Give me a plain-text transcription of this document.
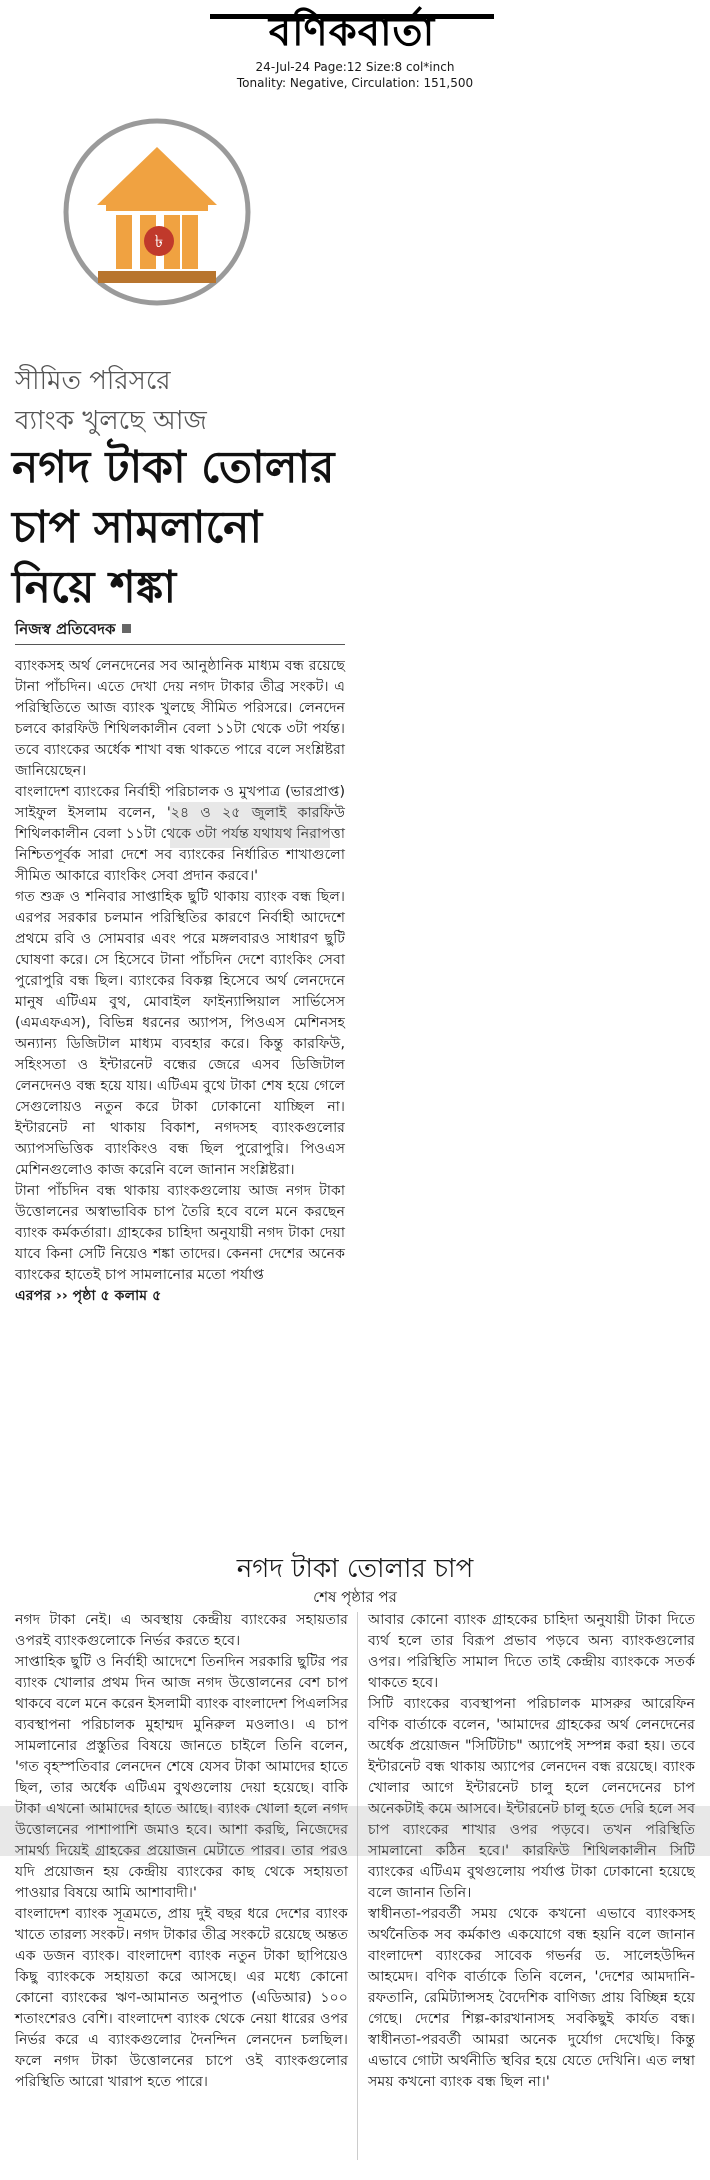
বণিকবার্তা
24-Jul-24 Page:12 Size:8 col*inch
Tonality: Negative, Circulation: 151,500
৳
সীমিত পরিসরে
ব্যাংক খুলছে আজ
নগদ টাকা তোলার
চাপ সামলানো
নিয়ে শঙ্কা
নিজস্ব প্রতিবেদক

ব্যাংকসহ অর্থ লেনদেনের সব আনুষ্ঠানিক মাধ্যম বন্ধ রয়েছে টানা পাঁচদিন। এতে দেখা দেয় নগদ টাকার তীব্র সংকট। এ পরিস্থিতিতে আজ ব্যাংক খুলছে সীমিত পরিসরে। লেনদেন চলবে কারফিউ শিথিলকালীন বেলা ১১টা থেকে ৩টা পর্যন্ত। তবে ব্যাংকের অর্ধেক শাখা বন্ধ থাকতে পারে বলে সংশ্লিষ্টরা জানিয়েছেন।

বাংলাদেশ ব্যাংকের নির্বাহী পরিচালক ও মুখপাত্র (ভারপ্রাপ্ত) সাইফুল ইসলাম বলেন, '২৪ ও ২৫ জুলাই কারফিউ শিথিলকালীন বেলা ১১টা থেকে ৩টা পর্যন্ত যথাযথ নিরাপত্তা নিশ্চিতপূর্বক সারা দেশে সব ব্যাংকের নির্ধারিত শাখাগুলো সীমিত আকারে ব্যাংকিং সেবা প্রদান করবে।'

গত শুক্র ও শনিবার সাপ্তাহিক ছুটি থাকায় ব্যাংক বন্ধ ছিল। এরপর সরকার চলমান পরিস্থিতির কারণে নির্বাহী আদেশে প্রথমে রবি ও সোমবার এবং পরে মঙ্গলবারও সাধারণ ছুটি ঘোষণা করে। সে হিসেবে টানা পাঁচদিন দেশে ব্যাংকিং সেবা পুরোপুরি বন্ধ ছিল। ব্যাংকের বিকল্প হিসেবে অর্থ লেনদেনে মানুষ এটিএম বুথ, মোবাইল ফাইন্যান্সিয়াল সার্ভিসেস (এমএফএস), বিভিন্ন ধরনের অ্যাপস, পিওএস মেশিনসহ অন্যান্য ডিজিটাল মাধ্যম ব্যবহার করে। কিন্তু কারফিউ, সহিংসতা ও ইন্টারনেট বন্ধের জেরে এসব ডিজিটাল লেনদেনও বন্ধ হয়ে যায়। এটিএম বুথে টাকা শেষ হয়ে গেলে সেগুলোয়ও নতুন করে টাকা ঢোকানো যাচ্ছিল না। ইন্টারনেট না থাকায় বিকাশ, নগদসহ ব্যাংকগুলোর অ্যাপসভিত্তিক ব্যাংকিংও বন্ধ ছিল পুরোপুরি। পিওএস মেশিনগুলোও কাজ করেনি বলে জানান সংশ্লিষ্টরা।

টানা পাঁচদিন বন্ধ থাকায় ব্যাংকগুলোয় আজ নগদ টাকা উত্তোলনের অস্বাভাবিক চাপ তৈরি হবে বলে মনে করছেন ব্যাংক কর্মকর্তারা। গ্রাহকের চাহিদা অনুযায়ী নগদ টাকা দেয়া যাবে কিনা সেটি নিয়েও শঙ্কা তাদের। কেননা দেশের অনেক ব্যাংকের হাতেই চাপ সামলানোর মতো পর্যাপ্ত

এরপর ›› পৃষ্ঠা ৫ কলাম ৫

নগদ টাকা তোলার চাপ
শেষ পৃষ্ঠার পর

নগদ টাকা নেই। এ অবস্থায় কেন্দ্রীয় ব্যাংকের সহায়তার ওপরই ব্যাংকগুলোকে নির্ভর করতে হবে।

সাপ্তাহিক ছুটি ও নির্বাহী আদেশে তিনদিন সরকারি ছুটির পর ব্যাংক খোলার প্রথম দিন আজ নগদ উত্তোলনের বেশ চাপ থাকবে বলে মনে করেন ইসলামী ব্যাংক বাংলাদেশ পিএলসির ব্যবস্থাপনা পরিচালক মুহাম্মদ মুনিরুল মওলাও। এ চাপ সামলানোর প্রস্তুতির বিষয়ে জানতে চাইলে তিনি বলেন, 'গত বৃহস্পতিবার লেনদেন শেষে যেসব টাকা আমাদের হাতে ছিল, তার অর্ধেক এটিএম বুথগুলোয় দেয়া হয়েছে। বাকি টাকা এখনো আমাদের হাতে আছে। ব্যাংক খোলা হলে নগদ উত্তোলনের পাশাপাশি জমাও হবে। আশা করছি, নিজেদের সামর্থ্য দিয়েই গ্রাহকের প্রয়োজন মেটাতে পারব। তার পরও যদি প্রয়োজন হয় কেন্দ্রীয় ব্যাংকের কাছ থেকে সহায়তা পাওয়ার বিষয়ে আমি আশাবাদী।'

বাংলাদেশ ব্যাংক সূত্রমতে, প্রায় দুই বছর ধরে দেশের ব্যাংক খাতে তারল্য সংকট। নগদ টাকার তীব্র সংকটে রয়েছে অন্তত এক ডজন ব্যাংক। বাংলাদেশ ব্যাংক নতুন টাকা ছাপিয়েও কিছু ব্যাংককে সহায়তা করে আসছে। এর মধ্যে কোনো কোনো ব্যাংকের ঋণ-আমানত অনুপাত (এডিআর) ১০০ শতাংশেরও বেশি। বাংলাদেশ ব্যাংক থেকে নেয়া ধারের ওপর নির্ভর করে এ ব্যাংকগুলোর দৈনন্দিন লেনদেন চলছিল। ফলে নগদ টাকা উত্তোলনের চাপে ওই ব্যাংকগুলোর পরিস্থিতি আরো খারাপ হতে পারে।

আবার কোনো ব্যাংক গ্রাহকের চাহিদা অনুযায়ী টাকা দিতে ব্যর্থ হলে তার বিরূপ প্রভাব পড়বে অন্য ব্যাংকগুলোর ওপর। পরিস্থিতি সামাল দিতে তাই কেন্দ্রীয় ব্যাংককে সতর্ক থাকতে হবে।

সিটি ব্যাংকের ব্যবস্থাপনা পরিচালক মাসরুর আরেফিন বণিক বার্তাকে বলেন, 'আমাদের গ্রাহকের অর্থ লেনদেনের অর্ধেক প্রয়োজন "সিটিটাচ" অ্যাপেই সম্পন্ন করা হয়। তবে ইন্টারনেট বন্ধ থাকায় অ্যাপের লেনদেন বন্ধ রয়েছে। ব্যাংক খোলার আগে ইন্টারনেট চালু হলে লেনদেনের চাপ অনেকটাই কমে আসবে। ইন্টারনেট চালু হতে দেরি হলে সব চাপ ব্যাংকের শাখার ওপর পড়বে। তখন পরিস্থিতি সামলানো কঠিন হবে।' কারফিউ শিথিলকালীন সিটি ব্যাংকের এটিএম বুথগুলোয় পর্যাপ্ত টাকা ঢোকানো হয়েছে বলে জানান তিনি।

স্বাধীনতা-পরবর্তী সময় থেকে কখনো এভাবে ব্যাংকসহ অর্থনৈতিক সব কর্মকাণ্ড একযোগে বন্ধ হয়নি বলে জানান বাংলাদেশ ব্যাংকের সাবেক গভর্নর ড. সালেহউদ্দিন আহমেদ। বণিক বার্তাকে তিনি বলেন, 'দেশের আমদানি-রফতানি, রেমিট্যান্সসহ বৈদেশিক বাণিজ্য প্রায় বিচ্ছিন্ন হয়ে গেছে। দেশের শিল্প-কারখানাসহ সবকিছুই কার্যত বন্ধ। স্বাধীনতা-পরবর্তী আমরা অনেক দুর্যোগ দেখেছি। কিন্তু এভাবে গোটা অর্থনীতি স্থবির হয়ে যেতে দেখিনি। এত লম্বা সময় কখনো ব্যাংক বন্ধ ছিল না।'
